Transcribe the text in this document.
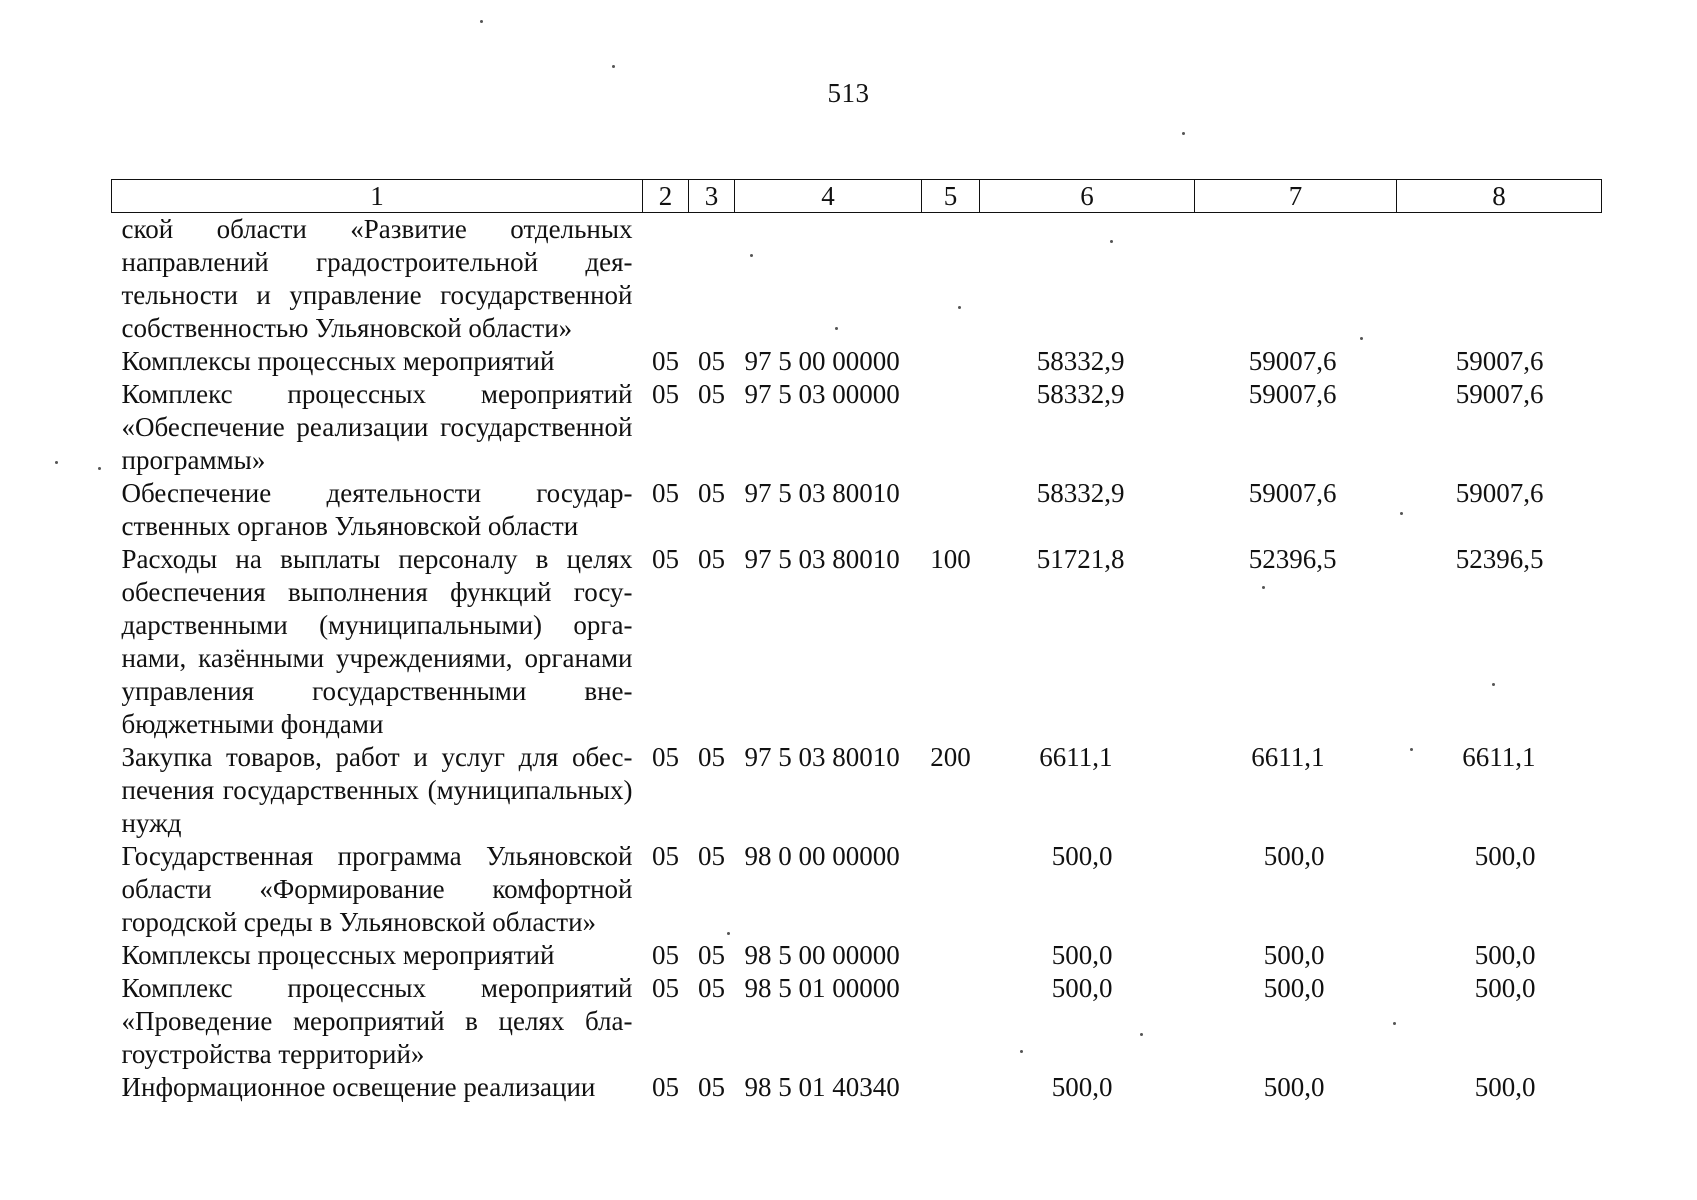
513
1	2	3	4	5	6	7	8
ской области «Развитие отдельных направлений градостроительной деятельности и управление государственной собственностью Ульяновской области»							
Комплексы процессных мероприятий	05	05	97 5 00 00000		58332,9	59007,6	59007,6
Комплекс процессных мероприятий «Обеспечение реализации государственной программы»	05	05	97 5 03 00000		58332,9	59007,6	59007,6
Обеспечение деятельности государственных органов Ульяновской области	05	05	97 5 03 80010		58332,9	59007,6	59007,6
Расходы на выплаты персоналу в целях обеспечения выполнения функций государственными (муниципальными) органами, казёнными учреждениями, органами управления государственными внебюджетными фондами	05	05	97 5 03 80010	100	51721,8	52396,5	52396,5
Закупка товаров, работ и услуг для обеспечения государственных (муниципальных) нужд	05	05	97 5 03 80010	200	6611,1	6611,1	6611,1
Государственная программа Ульяновской области «Формирование комфортной городской среды в Ульяновской области»	05	05	98 0 00 00000		500,0	500,0	500,0
Комплексы процессных мероприятий	05	05	98 5 00 00000		500,0	500,0	500,0
Комплекс процессных мероприятий «Проведение мероприятий в целях благоустройства территорий»	05	05	98 5 01 00000		500,0	500,0	500,0
Информационное освещение реализации	05	05	98 5 01 40340		500,0	500,0	500,0
